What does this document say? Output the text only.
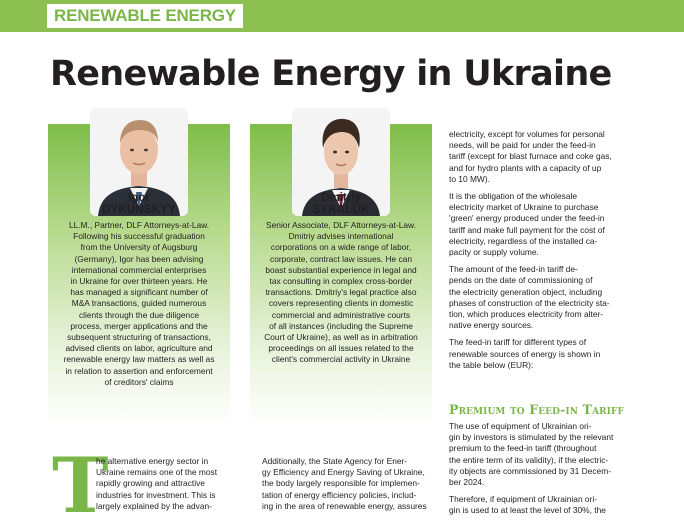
RENEWABLE ENERGY
Renewable Energy in Ukraine
Igor
DYKUNSKYY
LL.M., Partner, DLF Attorneys-at-Law.
Following his successful graduation
from the University of Augsburg
(Germany), Igor has been advising
international commercial enterprises
in Ukraine for over thirteen years. He
has managed a significant number of
M&A transactions, guided numerous
clients through the due diligence
process, merger applications and the
subsequent structuring of transactions,
advised clients on labor, agriculture and
renewable energy law matters as well as
in relation to assertion and enforcement
of creditors' claims
Dmitriy
SYKALUK
Senior Associate, DLF Attorneys-at-Law.
Dmitriy advises international
corporations on a wide range of labor,
corporate, contract law issues. He can
boast substantial experience in legal and
tax consulting in complex cross-border
transactions. Dmitriy's legal practice also
covers representing clients in domestic
commercial and administrative courts
of all instances (including the Supreme
Court of Ukraine), as well as in arbitration
proceedings on all issues related to the
client's commercial activity in Ukraine
electricity, except for volumes for personal
needs, will be paid for under the feed-in
tariff (except for blast furnace and coke gas,
and for hydro plants with a capacity of up
to 10 MW).
It is the obligation of the wholesale
electricity market of Ukraine to purchase
'green' energy produced under the feed-in
tariff and make full payment for the cost of
electricity, regardless of the installed ca-
pacity or supply volume.
The amount of the feed-in tariff de-
pends on the date of commissioning of
the electricity generation object, including
phases of construction of the electricity sta-
tion, which produces electricity from alter-
native energy sources.
The feed-in tariff for different types of
renewable sources of energy is shown in
the table below (EUR):
Premium to Feed-in Tariff
The use of equipment of Ukrainian ori-
gin by investors is stimulated by the relevant
premium to the feed-in tariff (throughout
the entire term of its validity), if the electric-
ity objects are commissioned by 31 Decem-
ber 2024.
Therefore, if equipment of Ukrainian ori-
gin is used to at least the level of 30%, the
T
he alternative energy sector in
Ukraine remains one of the most
rapidly growing and attractive
industries for investment. This is
largely explained by the advan-
Additionally, the State Agency for Ener-
gy Efficiency and Energy Saving of Ukraine,
the body largely responsible for implemen-
tation of energy efficiency policies, includ-
ing in the area of renewable energy, assures
